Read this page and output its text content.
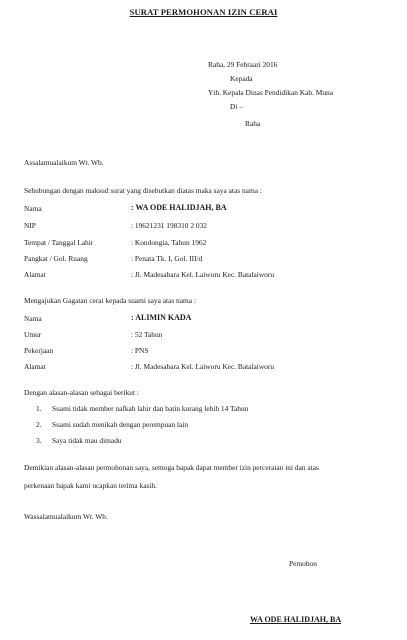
SURAT PERMOHONAN IZIN CERAI
Raha, 29 Febraari 2016
Kepada
Yth. Kepala Dinas Pendidikan Kab. Muna
Di –
Raha
Assalamualaikum Wr. Wb.
Sehubungan dengan maksud surat yang disebutkan diatas maka saya atas nama :
Nama	: WA ODE HALIDJAH, BA
NIP	: 19621231 198310 2 032
Tempat / Tanggal Lahir	: Kondongia, Tahun 1962
Pangkat / Gol. Ruang	: Penata Tk. I, Gol. III/d
Alamat	: Jl. Madesabara Kel. Laiworu Kec. Batalaiworu
Mengajukan Gagatan cerai kepada suami saya atas nama :
Nama	: ALIMIN KADA
Umur	: 52 Tahun
Pekerjaan	: PNS
Alamat	: Jl. Madesabara Kel. Laiworu Kec. Batalaiworu
Dengan alasan-alasan sebagai berikut :
1. Suami tidak member nafkah lahir dan batin kurang lebih 14 Tahun
2. Suami sudah menikah dengan perempuan lain
3. Saya tidak mau dimadu
Demikian alasan-alasan permohonan saya, semoga bapak dapat member izin perceraian ini dan atas
perkenaan bapak kami ucapkan terima kasih.
Wassalamualaikum Wr. Wb.
Pemohon
WA ODE HALIDJAH, BA
